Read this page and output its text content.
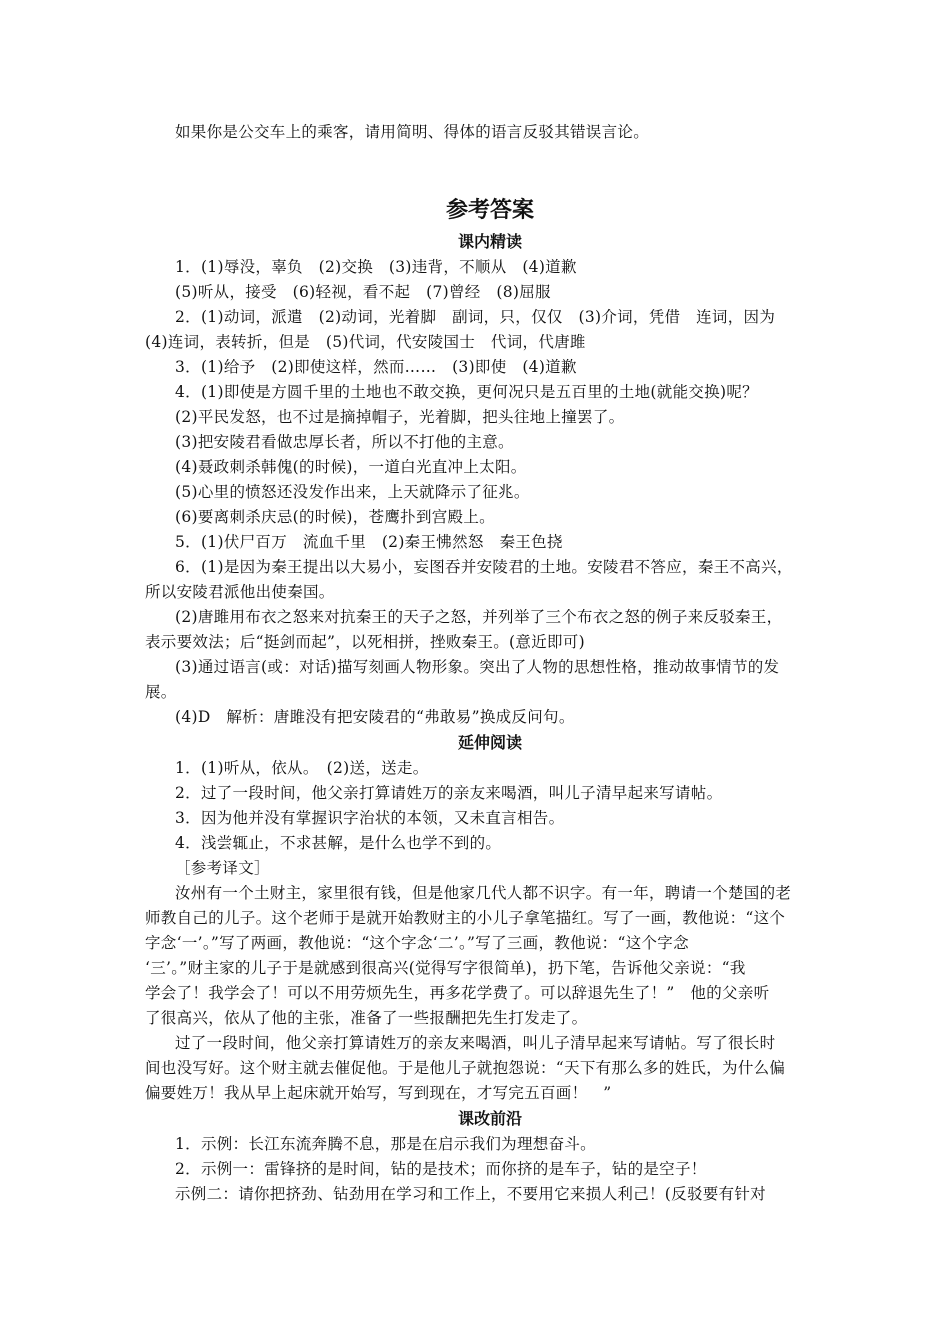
如果你是公交车上的乘客，请用简明、得体的语言反驳其错误言论。
参考答案
课内精读
1．(1)辱没，辜负　(2)交换　(3)违背，不顺从　(4)道歉
(5)听从，接受　(6)轻视，看不起　(7)曾经　(8)屈服
2．(1)动词，派遣　(2)动词，光着脚　副词，只，仅仅　(3)介词，凭借　连词，因为
(4)连词，表转折，但是　(5)代词，代安陵国士　代词，代唐雎
3．(1)给予　(2)即使这样，然而……　(3)即使　(4)道歉
4．(1)即使是方圆千里的土地也不敢交换，更何况只是五百里的土地(就能交换)呢？
(2)平民发怒，也不过是摘掉帽子，光着脚，把头往地上撞罢了。
(3)把安陵君看做忠厚长者，所以不打他的主意。
(4)聂政刺杀韩傀(的时候)，一道白光直冲上太阳。
(5)心里的愤怒还没发作出来，上天就降示了征兆。
(6)要离刺杀庆忌(的时候)，苍鹰扑到宫殿上。
5．(1)伏尸百万　流血千里　(2)秦王怫然怒　秦王色挠
6．(1)是因为秦王提出以大易小，妄图吞并安陵君的土地。安陵君不答应，秦王不高兴，
所以安陵君派他出使秦国。
(2)唐雎用布衣之怒来对抗秦王的天子之怒，并列举了三个布衣之怒的例子来反驳秦王，
表示要效法；后“挺剑而起”，以死相拼，挫败秦王。(意近即可)
(3)通过语言(或：对话)描写刻画人物形象。突出了人物的思想性格，推动故事情节的发
展。
(4)D　解析：唐雎没有把安陵君的“弗敢易”换成反问句。
延伸阅读
1．(1)听从，依从。　(2)送，送走。
2．过了一段时间，他父亲打算请姓万的亲友来喝酒，叫儿子清早起来写请帖。
3．因为他并没有掌握识字治状的本领，又未直言相告。
4．浅尝辄止，不求甚解，是什么也学不到的。
［参考译文］
汝州有一个土财主，家里很有钱，但是他家几代人都不识字。有一年，聘请一个楚国的老
师教自己的儿子。这个老师于是就开始教财主的小儿子拿笔描红。写了一画，教他说：“这个
字念‘一’。”写了两画，教他说：“这个字念‘二’。”写了三画，教他说：“这个字念
‘三’。”财主家的儿子于是就感到很高兴(觉得写字很简单)，扔下笔，告诉他父亲说：“我
学会了！我学会了！可以不用劳烦先生，再多花学费了。可以辞退先生了！”　他的父亲听
了很高兴，依从了他的主张，准备了一些报酬把先生打发走了。
过了一段时间，他父亲打算请姓万的亲友来喝酒，叫儿子清早起来写请帖。写了很长时
间也没写好。这个财主就去催促他。于是他儿子就抱怨说：“天下有那么多的姓氏，为什么偏
偏要姓万！我从早上起床就开始写，写到现在，才写完五百画！　”
课改前沿
1．示例：长江东流奔腾不息，那是在启示我们为理想奋斗。
2．示例一：雷锋挤的是时间，钻的是技术；而你挤的是车子，钻的是空子！
示例二：请你把挤劲、钻劲用在学习和工作上，不要用它来损人利己！(反驳要有针对
